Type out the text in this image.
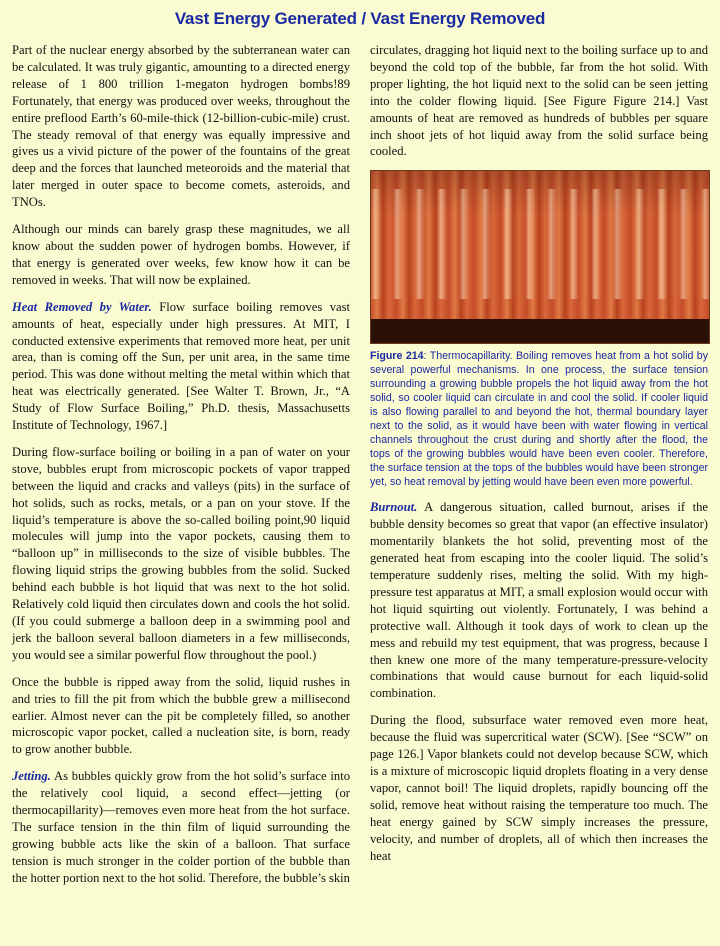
Vast Energy Generated / Vast Energy Removed

Part of the nuclear energy absorbed by the subterranean water can be calculated. It was truly gigantic, amounting to a directed energy release of 1 800 trillion 1-megaton hydrogen bombs!89 Fortunately, that energy was produced over weeks, throughout the entire preflood Earth’s 60-mile-thick (12-billion-cubic-mile) crust. The steady removal of that energy was equally impressive and gives us a vivid picture of the power of the fountains of the great deep and the forces that launched meteoroids and the material that later merged in outer space to become comets, asteroids, and TNOs.

Although our minds can barely grasp these magnitudes, we all know about the sudden power of hydrogen bombs. However, if that energy is generated over weeks, few know how it can be removed in weeks. That will now be explained.

Heat Removed by Water. Flow surface boiling removes vast amounts of heat, especially under high pressures. At MIT, I conducted extensive experiments that removed more heat, per unit area, than is coming off the Sun, per unit area, in the same time period. This was done without melting the metal within which that heat was electrically generated. [See Walter T. Brown, Jr., “A Study of Flow Surface Boiling,” Ph.D. thesis, Massachusetts Institute of Technology, 1967.]

During flow-surface boiling or boiling in a pan of water on your stove, bubbles erupt from microscopic pockets of vapor trapped between the liquid and cracks and valleys (pits) in the surface of hot solids, such as rocks, metals, or a pan on your stove. If the liquid’s temperature is above the so-called boiling point,90 liquid molecules will jump into the vapor pockets, causing them to “balloon up” in milliseconds to the size of visible bubbles. The flowing liquid strips the growing bubbles from the solid. Sucked behind each bubble is hot liquid that was next to the hot solid. Relatively cold liquid then circulates down and cools the hot solid. (If you could submerge a balloon deep in a swimming pool and jerk the balloon several balloon diameters in a few milliseconds, you would see a similar powerful flow throughout the pool.)

Once the bubble is ripped away from the solid, liquid rushes in and tries to fill the pit from which the bubble grew a millisecond earlier. Almost never can the pit be completely filled, so another microscopic vapor pocket, called a nucleation site, is born, ready to grow another bubble.

Jetting. As bubbles quickly grow from the hot solid’s surface into the relatively cool liquid, a second effect—jetting (or thermocapillarity)—removes even more heat from the hot surface. The surface tension in the thin film of liquid surrounding the growing bubble acts like the skin of a balloon. That surface tension is much stronger in the colder portion of the bubble than the hotter portion next to the hot solid. Therefore, the bubble’s skin

circulates, dragging hot liquid next to the boiling surface up to and beyond the cold top of the bubble, far from the hot solid. With proper lighting, the hot liquid next to the solid can be seen jetting into the colder flowing liquid. [See Figure Figure 214.] Vast amounts of heat are removed as hundreds of bubbles per square inch shoot jets of hot liquid away from the solid surface being cooled.

Figure 214: Thermocapillarity. Boiling removes heat from a hot solid by several powerful mechanisms. In one process, the surface tension surrounding a growing bubble propels the hot liquid away from the hot solid, so cooler liquid can circulate in and cool the solid. If cooler liquid is also flowing parallel to and beyond the hot, thermal boundary layer next to the solid, as it would have been with water flowing in vertical channels throughout the crust during and shortly after the flood, the tops of the growing bubbles would have been even cooler. Therefore, the surface tension at the tops of the bubbles would have been stronger yet, so heat removal by jetting would have been even more powerful.

Burnout. A dangerous situation, called burnout, arises if the bubble density becomes so great that vapor (an effective insulator) momentarily blankets the hot solid, preventing most of the generated heat from escaping into the cooler liquid. The solid’s temperature suddenly rises, melting the solid. With my high-pressure test apparatus at MIT, a small explosion would occur with hot liquid squirting out violently. Fortunately, I was behind a protective wall. Although it took days of work to clean up the mess and rebuild my test equipment, that was progress, because I then knew one more of the many temperature-pressure-velocity combinations that would cause burnout for each liquid-solid combination.

During the flood, subsurface water removed even more heat, because the fluid was supercritical water (SCW). [See “SCW” on page 126.] Vapor blankets could not develop because SCW, which is a mixture of microscopic liquid droplets floating in a very dense vapor, cannot boil! The liquid droplets, rapidly bouncing off the solid, remove heat without raising the temperature too much. The heat energy gained by SCW simply increases the pressure, velocity, and number of droplets, all of which then increases the heat
